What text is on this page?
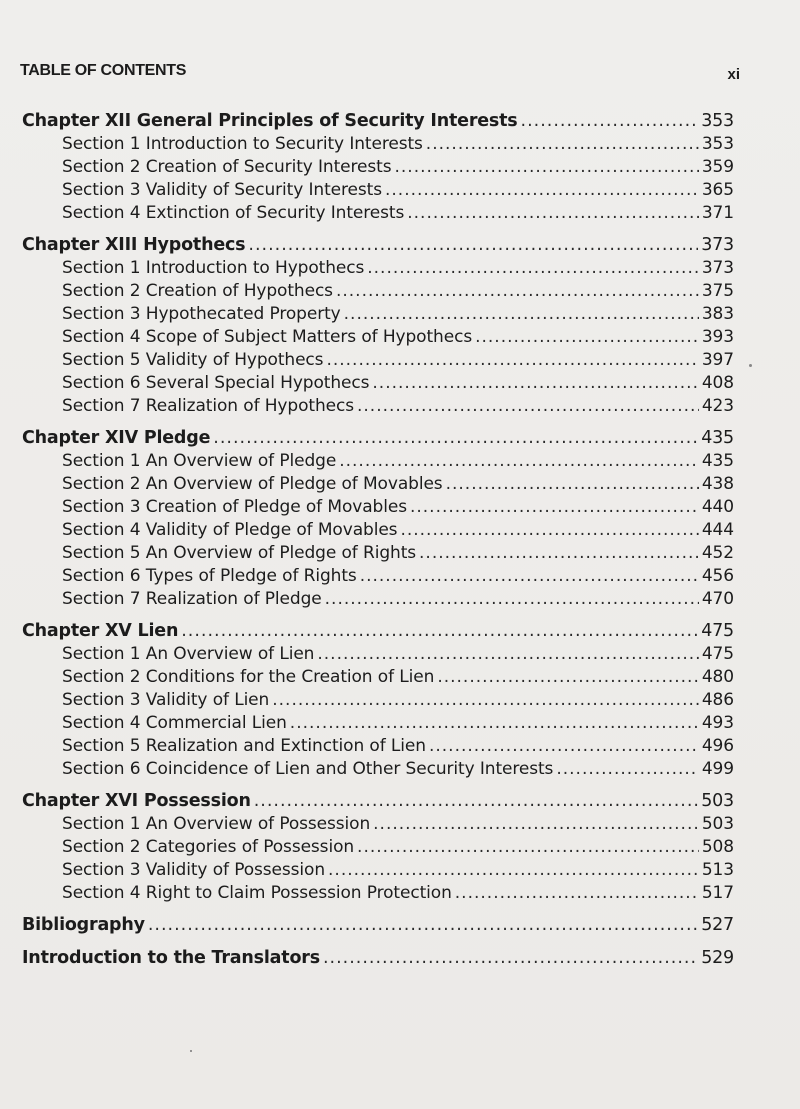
TABLE OF CONTENTS	xi
Chapter XII General Principles of Security Interests .....	353
Section 1 Introduction to Security Interests .....	353
Section 2 Creation of Security Interests .....	359
Section 3 Validity of Security Interests .....	365
Section 4 Extinction of Security Interests .....	371
Chapter XIII Hypothecs .....	373
Section 1 Introduction to Hypothecs .....	373
Section 2 Creation of Hypothecs .....	375
Section 3 Hypothecated Property .....	383
Section 4 Scope of Subject Matters of Hypothecs .....	393
Section 5 Validity of Hypothecs .....	397
Section 6 Several Special Hypothecs .....	408
Section 7 Realization of Hypothecs .....	423
Chapter XIV Pledge .....	435
Section 1 An Overview of Pledge .....	435
Section 2 An Overview of Pledge of Movables .....	438
Section 3 Creation of Pledge of Movables .....	440
Section 4 Validity of Pledge of Movables .....	444
Section 5 An Overview of Pledge of Rights .....	452
Section 6 Types of Pledge of Rights .....	456
Section 7 Realization of Pledge .....	470
Chapter XV Lien .....	475
Section 1 An Overview of Lien .....	475
Section 2 Conditions for the Creation of Lien .....	480
Section 3 Validity of Lien .....	486
Section 4 Commercial Lien .....	493
Section 5 Realization and Extinction of Lien .....	496
Section 6 Coincidence of Lien and Other Security Interests .....	499
Chapter XVI Possession .....	503
Section 1 An Overview of Possession .....	503
Section 2 Categories of Possession .....	508
Section 3 Validity of Possession .....	513
Section 4 Right to Claim Possession Protection .....	517
Bibliography .....	527
Introduction to the Translators .....	529
